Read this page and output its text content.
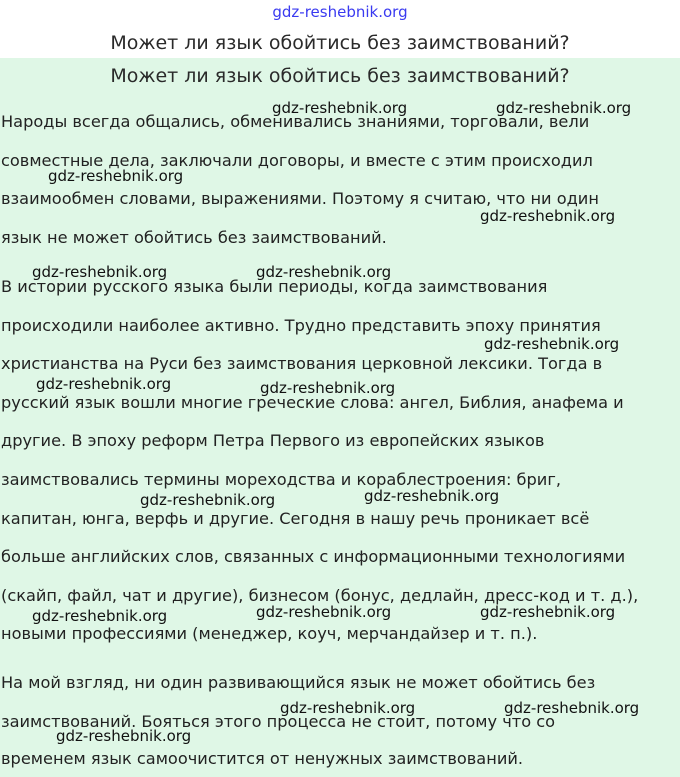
gdz-reshebnik.org
Может ли язык обойтись без заимствований?
Может ли язык обойтись без заимствований?
Народы всегда общались, обменивались знаниями, торговали, вели
совместные дела, заключали договоры, и вместе с этим происходил
взаимообмен словами, выражениями. Поэтому я считаю, что ни один
язык не может обойтись без заимствований.
В истории русского языка были периоды, когда заимствования
происходили наиболее активно. Трудно представить эпоху принятия
христианства на Руси без заимствования церковной лексики. Тогда в
русский язык вошли многие греческие слова: ангел, Библия, анафема и
другие. В эпоху реформ Петра Первого из европейских языков
заимствовались термины мореходства и кораблестроения: бриг,
капитан, юнга, верфь и другие. Сегодня в нашу речь проникает всё
больше английских слов, связанных с информационными технологиями
(скайп, файл, чат и другие), бизнесом (бонус, дедлайн, дресс-код и т. д.),
новыми профессиями (менеджер, коуч, мерчандайзер и т. п.).
На мой взгляд, ни один развивающийся язык не может обойтись без
заимствований. Бояться этого процесса не стоит, потому что со
временем язык самоочистится от ненужных заимствований.
gdz-reshebnik.org	gdz-reshebnik.org
gdz-reshebnik.org
gdz-reshebnik.org
gdz-reshebnik.org	gdz-reshebnik.org
gdz-reshebnik.org
gdz-reshebnik.org	gdz-reshebnik.org
gdz-reshebnik.org	gdz-reshebnik.org
gdz-reshebnik.org	gdz-reshebnik.org	gdz-reshebnik.org
gdz-reshebnik.org	gdz-reshebnik.org
gdz-reshebnik.org
